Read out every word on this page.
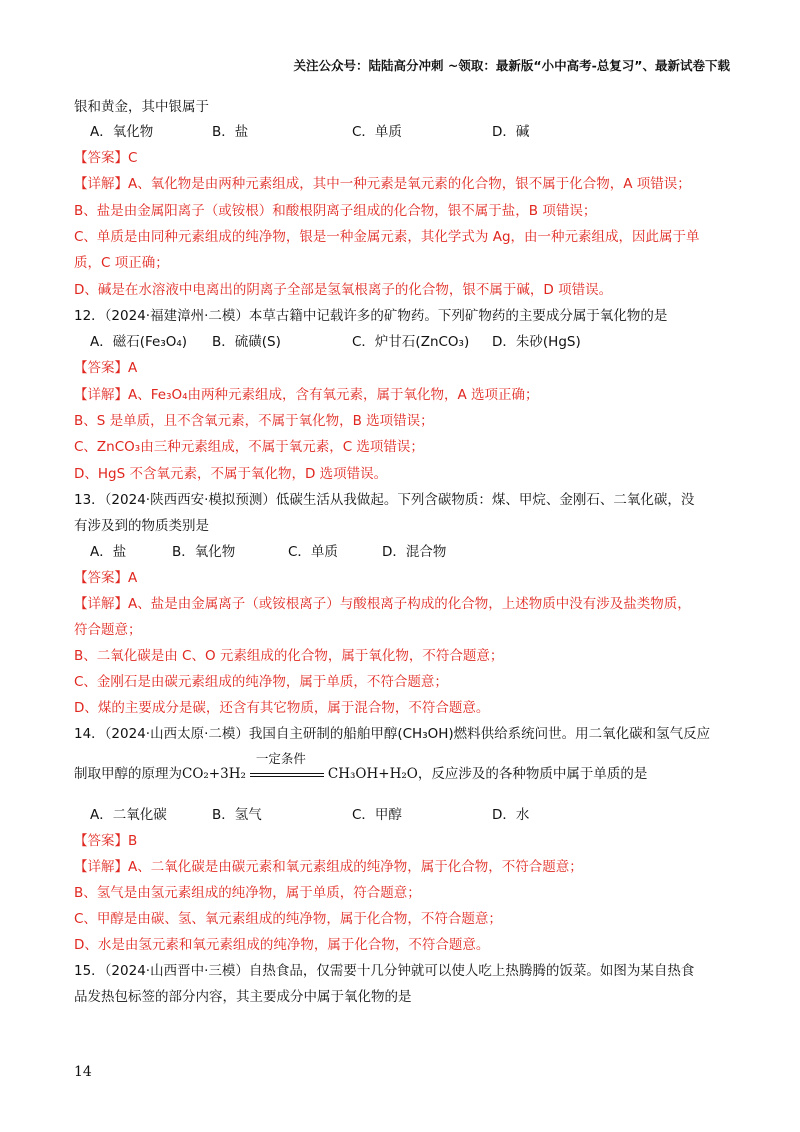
关注公众号：陆陆高分冲刺 ~领取：最新版“小中高考-总复习”、最新试卷下载
银和黄金，其中银属于
A．氧化物	B．盐	C．单质	D．碱
【答案】C
【详解】A、氧化物是由两种元素组成，其中一种元素是氧元素的化合物，银不属于化合物，A 项错误；
B、盐是由金属阳离子（或铵根）和酸根阴离子组成的化合物，银不属于盐，B 项错误；
C、单质是由同种元素组成的纯净物，银是一种金属元素，其化学式为 Ag，由一种元素组成，因此属于单
质，C 项正确；
D、碱是在水溶液中电离出的阴离子全部是氢氧根离子的化合物，银不属于碱，D 项错误。
12．（2024·福建漳州·二模）本草古籍中记载许多的矿物药。下列矿物药的主要成分属于氧化物的是
A．磁石(Fe₃O₄) B．硫磺(S)	C．炉甘石(ZnCO₃) D．朱砂(HgS)
【答案】A
【详解】A、Fe₃O₄由两种元素组成，含有氧元素，属于氧化物，A 选项正确；
B、S 是单质，且不含氧元素，不属于氧化物，B 选项错误；
C、ZnCO₃由三种元素组成，不属于氧元素，C 选项错误；
D、HgS 不含氧元素，不属于氧化物，D 选项错误。
13．（2024·陕西西安·模拟预测）低碳生活从我做起。下列含碳物质：煤、甲烷、金刚石、二氧化碳，没
有涉及到的物质类别是
A．盐	B．氧化物	C．单质	D．混合物
【答案】A
【详解】A、盐是由金属离子（或铵根离子）与酸根离子构成的化合物，上述物质中没有涉及盐类物质，
符合题意；
B、二氧化碳是由 C、O 元素组成的化合物，属于氧化物，不符合题意；
C、金刚石是由碳元素组成的纯净物，属于单质，不符合题意；
D、煤的主要成分是碳，还含有其它物质，属于混合物，不符合题意。
14．（2024·山西太原·二模）我国自主研制的船舶甲醇(CH₃OH)燃料供给系统问世。用二氧化碳和氢气反应
制取甲醇的原理为CO₂+3H₂
一定条件
CH₃OH+H₂O，反应涉及的各种物质中属于单质的是
A．二氧化碳	B．氢气	C．甲醇	D．水
【答案】B
【详解】A、二氧化碳是由碳元素和氧元素组成的纯净物，属于化合物，不符合题意；
B、氢气是由氢元素组成的纯净物，属于单质，符合题意；
C、甲醇是由碳、氢、氧元素组成的纯净物，属于化合物，不符合题意；
D、水是由氢元素和氧元素组成的纯净物，属于化合物，不符合题意。
15．（2024·山西晋中·三模）自热食品，仅需要十几分钟就可以使人吃上热腾腾的饭菜。如图为某自热食
品发热包标签的部分内容，其主要成分中属于氧化物的是
14
